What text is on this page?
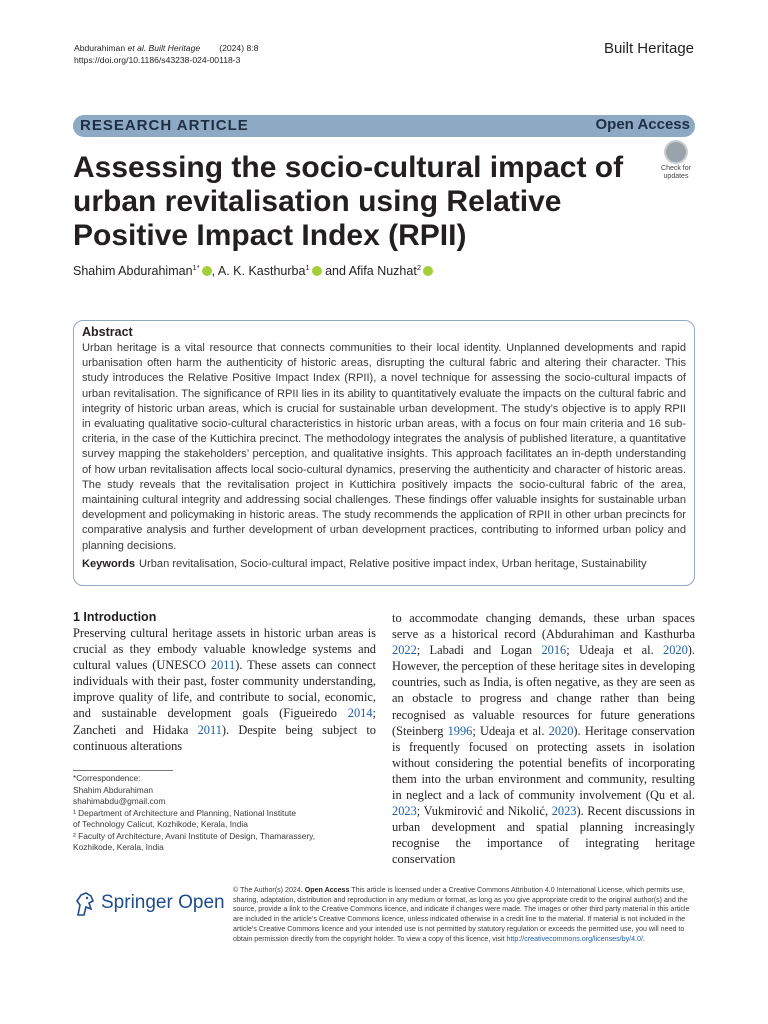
Abdurahiman et al. Built Heritage (2024) 8:8
https://doi.org/10.1186/s43238-024-00118-3
Built Heritage
RESEARCH ARTICLE	Open Access
Assessing the socio-cultural impact of urban revitalisation using Relative Positive Impact Index (RPII)
Check for
updates
Shahim Abdurahiman$^{1*}$ , A. K. Kasthurba$^1$ and Afifa Nuzhat$^2$
Abstract

Urban heritage is a vital resource that connects communities to their local identity. Unplanned developments and rapid urbanisation often harm the authenticity of historic areas, disrupting the cultural fabric and altering their character. This study introduces the Relative Positive Impact Index (RPII), a novel technique for assessing the socio-cultural impacts of urban revitalisation. The significance of RPII lies in its ability to quantitatively evaluate the impacts on the cultural fabric and integrity of historic urban areas, which is crucial for sustainable urban development. The study’s objective is to apply RPII in evaluating qualitative socio-cultural characteristics in historic urban areas, with a focus on four main criteria and 16 sub-criteria, in the case of the Kuttichira precinct. The methodology integrates the analysis of published literature, a quantitative survey mapping the stakeholders’ perception, and qualitative insights. This approach facilitates an in-depth understanding of how urban revitalisation affects local socio-cultural dynamics, preserving the authenticity and character of historic areas. The study reveals that the revitalisation project in Kuttichira positively impacts the socio-cultural fabric of the area, maintaining cultural integrity and addressing social challenges. These findings offer valuable insights for sustainable urban development and policymaking in historic areas. The study recommends the application of RPII in other urban precincts for comparative analysis and further development of urban development practices, contributing to informed urban policy and planning decisions.

Keywords Urban revitalisation, Socio-cultural impact, Relative positive impact index, Urban heritage, Sustainability
1 Introduction

Preserving cultural heritage assets in historic urban areas is crucial as they embody valuable knowledge systems and cultural values (UNESCO 2011). These assets can connect individuals with their past, foster community understanding, improve quality of life, and contribute to social, economic, and sustainable development goals (Figueiredo 2014; Zancheti and Hidaka 2011). Despite being subject to continuous alterations

to accommodate changing demands, these urban spaces serve as a historical record (Abdurahiman and Kasthurba 2022; Labadi and Logan 2016; Udeaja et al. 2020). However, the perception of these heritage sites in developing countries, such as India, is often negative, as they are seen as an obstacle to progress and change rather than being recognised as valuable resources for future generations (Steinberg 1996; Udeaja et al. 2020). Heritage conservation is frequently focused on protecting assets in isolation without considering the potential benefits of incorporating them into the urban environment and community, resulting in neglect and a lack of community involvement (Qu et al. 2023; Vukmirović and Nikolić, 2023). Recent discussions in urban development and spatial planning increasingly recognise the importance of integrating heritage conservation

*Correspondence:
Shahim Abdurahiman
shahimabdu@gmail.com
¹ Department of Architecture and Planning, National Institute
of Technology Calicut, Kozhikode, Kerala, India
² Faculty of Architecture, Avani Institute of Design, Thamarassery,
Kozhikode, Kerala, India
Springer Open
© The Author(s) 2024. Open Access This article is licensed under a Creative Commons Attribution 4.0 International License, which permits use, sharing, adaptation, distribution and reproduction in any medium or format, as long as you give appropriate credit to the original author(s) and the source, provide a link to the Creative Commons licence, and indicate if changes were made. The images or other third party material in this article are included in the article’s Creative Commons licence, unless indicated otherwise in a credit line to the material. If material is not included in the article’s Creative Commons licence and your intended use is not permitted by statutory regulation or exceeds the permitted use, you will need to obtain permission directly from the copyright holder. To view a copy of this licence, visit http://creativecommons.org/licenses/by/4.0/.
